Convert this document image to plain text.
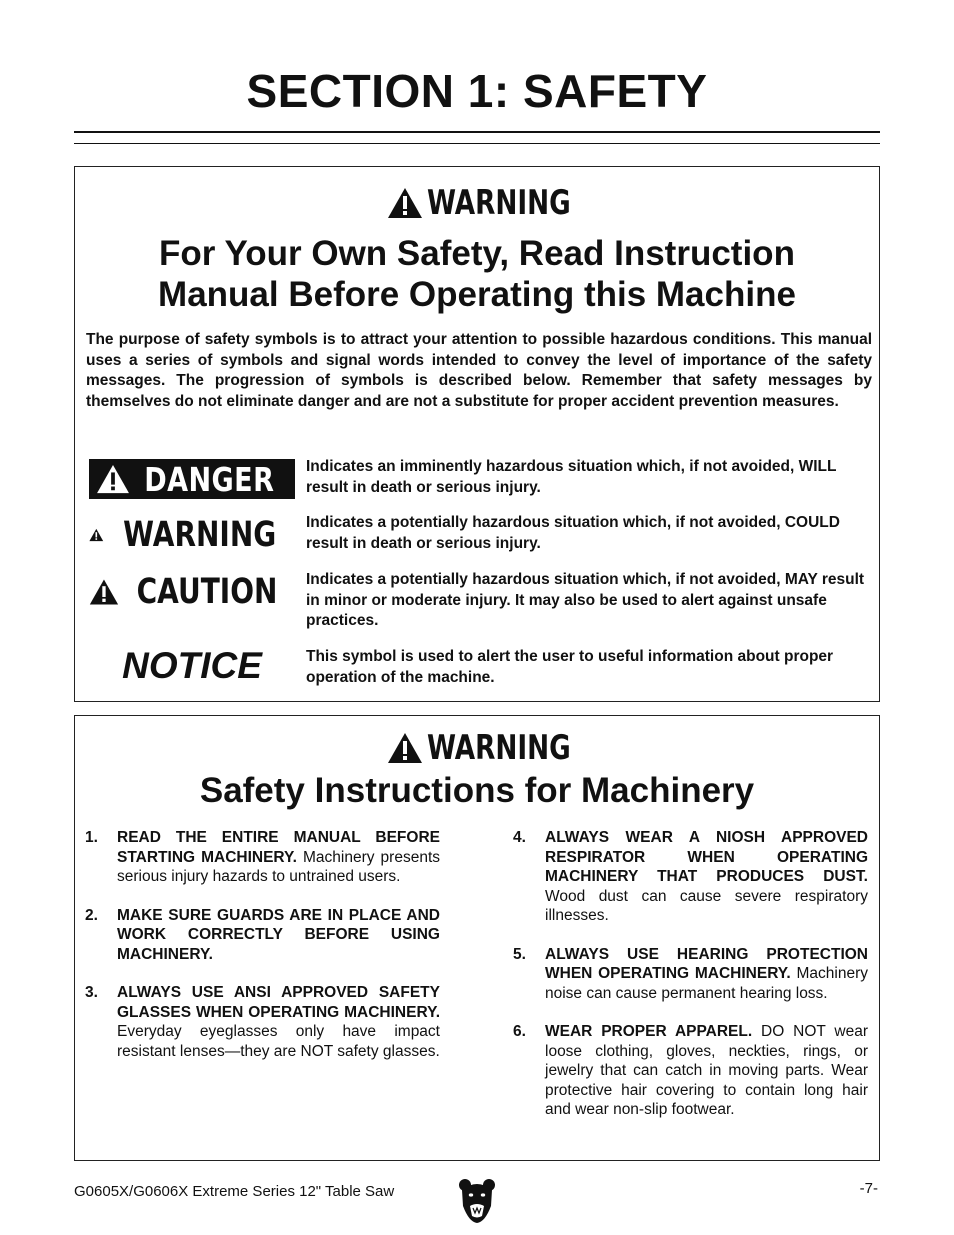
SECTION 1: SAFETY
WARNING
For Your Own Safety, Read Instruction
Manual Before Operating this Machine
The purpose of safety symbols is to attract your attention to possible hazardous conditions. This manual uses a series of symbols and signal words intended to convey the level of importance of the safety messages. The progression of symbols is described below. Remember that safety messages by themselves do not eliminate danger and are not a substitute for proper accident prevention measures.
DANGER Indicates an imminently hazardous situation which, if not avoided, WILL result in death or serious injury.
WARNING Indicates a potentially hazardous situation which, if not avoided, COULD result in death or serious injury.
CAUTION Indicates a potentially hazardous situation which, if not avoided, MAY result in minor or moderate injury. It may also be used to alert against unsafe practices.
NOTICE	This symbol is used to alert the user to useful information about proper operation of the machine.
WARNING
Safety Instructions for Machinery
1. READ THE ENTIRE MANUAL BEFORE STARTING MACHINERY. Machinery presents serious injury hazards to untrained users.
2. MAKE SURE GUARDS ARE IN PLACE AND WORK CORRECTLY BEFORE USING MACHINERY.
3. ALWAYS USE ANSI APPROVED SAFETY GLASSES WHEN OPERATING MACHINERY. Everyday eyeglasses only have impact resistant lenses—they are NOT safety glasses.
4. ALWAYS WEAR A NIOSH APPROVED RESPIRATOR WHEN OPERATING MACHINERY THAT PRODUCES DUST. Wood dust can cause severe respiratory illnesses.
5. ALWAYS USE HEARING PROTECTION WHEN OPERATING MACHINERY. Machinery noise can cause permanent hearing loss.
6. WEAR PROPER APPAREL. DO NOT wear loose clothing, gloves, neckties, rings, or jewelry that can catch in moving parts. Wear protective hair covering to contain long hair and wear non-slip footwear.
G0605X/G0606X Extreme Series 12" Table Saw	-7-
